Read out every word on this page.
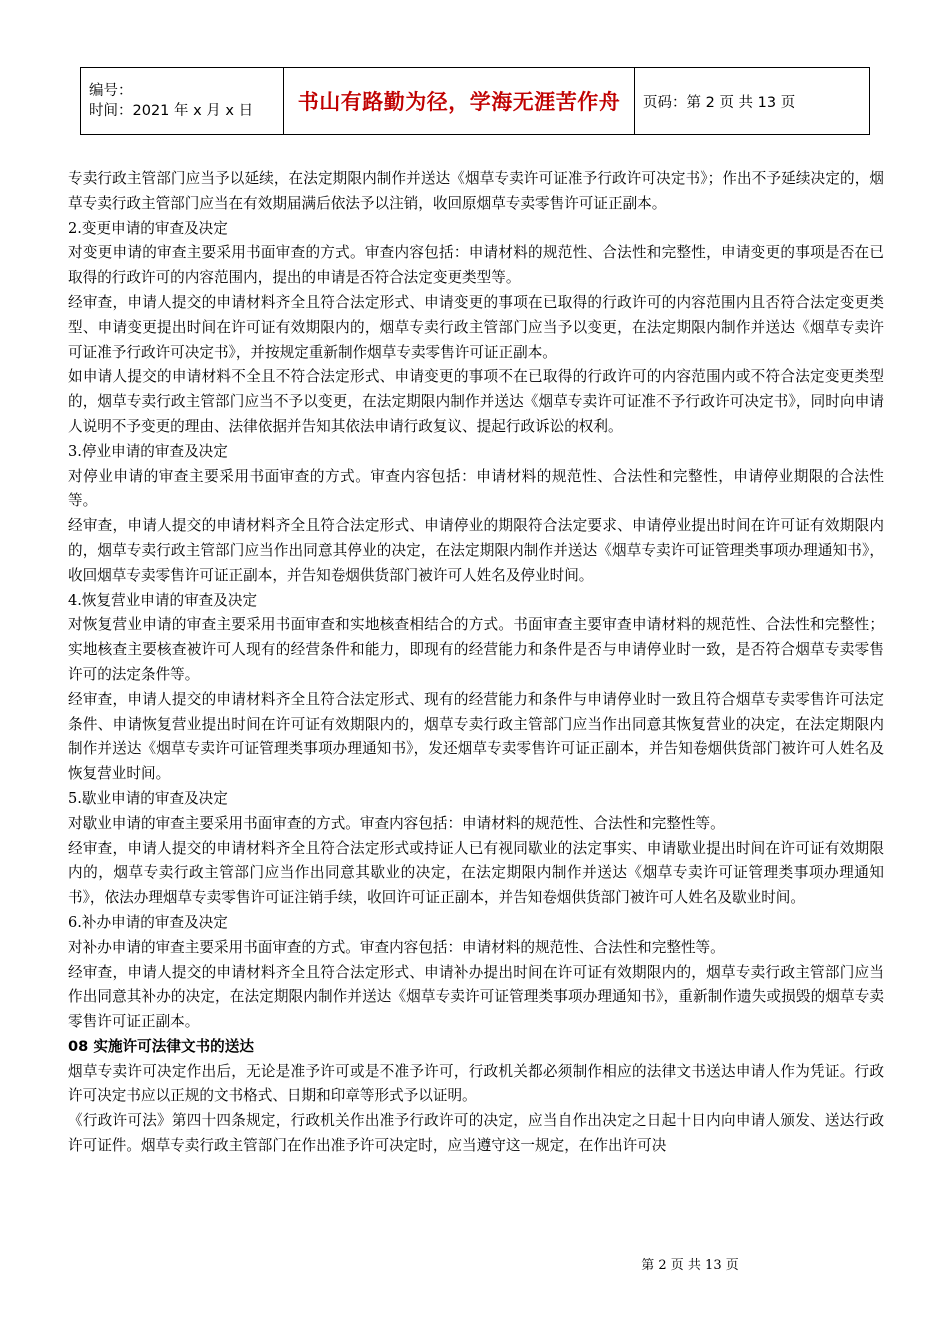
编号：
时间：2021 年 x 月 x 日	书山有路勤为径，学海无涯苦作舟	页码：第 2 页 共 13 页

专卖行政主管部门应当予以延续，在法定期限内制作并送达《烟草专卖许可证准予行政许可决定书》；作出不予延续决定的，烟草专卖行政主管部门应当在有效期届满后依法予以注销，收回原烟草专卖零售许可证正副本。

2.变更申请的审查及决定

对变更申请的审查主要采用书面审查的方式。审查内容包括：申请材料的规范性、合法性和完整性，申请变更的事项是否在已取得的行政许可的内容范围内，提出的申请是否符合法定变更类型等。

经审查，申请人提交的申请材料齐全且符合法定形式、申请变更的事项在已取得的行政许可的内容范围内且否符合法定变更类型、申请变更提出时间在许可证有效期限内的，烟草专卖行政主管部门应当予以变更，在法定期限内制作并送达《烟草专卖许可证准予行政许可决定书》，并按规定重新制作烟草专卖零售许可证正副本。

如申请人提交的申请材料不全且不符合法定形式、申请变更的事项不在已取得的行政许可的内容范围内或不符合法定变更类型的，烟草专卖行政主管部门应当不予以变更，在法定期限内制作并送达《烟草专卖许可证准不予行政许可决定书》，同时向申请人说明不予变更的理由、法律依据并告知其依法申请行政复议、提起行政诉讼的权利。

3.停业申请的审查及决定

对停业申请的审查主要采用书面审查的方式。审查内容包括：申请材料的规范性、合法性和完整性，申请停业期限的合法性等。

经审查，申请人提交的申请材料齐全且符合法定形式、申请停业的期限符合法定要求、申请停业提出时间在许可证有效期限内的，烟草专卖行政主管部门应当作出同意其停业的决定，在法定期限内制作并送达《烟草专卖许可证管理类事项办理通知书》，收回烟草专卖零售许可证正副本，并告知卷烟供货部门被许可人姓名及停业时间。

4.恢复营业申请的审查及决定

对恢复营业申请的审查主要采用书面审查和实地核查相结合的方式。书面审查主要审查申请材料的规范性、合法性和完整性；实地核查主要核查被许可人现有的经营条件和能力，即现有的经营能力和条件是否与申请停业时一致，是否符合烟草专卖零售许可的法定条件等。

经审查，申请人提交的申请材料齐全且符合法定形式、现有的经营能力和条件与申请停业时一致且符合烟草专卖零售许可法定条件、申请恢复营业提出时间在许可证有效期限内的，烟草专卖行政主管部门应当作出同意其恢复营业的决定，在法定期限内制作并送达《烟草专卖许可证管理类事项办理通知书》，发还烟草专卖零售许可证正副本，并告知卷烟供货部门被许可人姓名及恢复营业时间。

5.歇业申请的审查及决定

对歇业申请的审查主要采用书面审查的方式。审查内容包括：申请材料的规范性、合法性和完整性等。

经审查，申请人提交的申请材料齐全且符合法定形式或持证人已有视同歇业的法定事实、申请歇业提出时间在许可证有效期限内的，烟草专卖行政主管部门应当作出同意其歇业的决定，在法定期限内制作并送达《烟草专卖许可证管理类事项办理通知书》，依法办理烟草专卖零售许可证注销手续，收回许可证正副本，并告知卷烟供货部门被许可人姓名及歇业时间。

6.补办申请的审查及决定

对补办申请的审查主要采用书面审查的方式。审查内容包括：申请材料的规范性、合法性和完整性等。

经审查，申请人提交的申请材料齐全且符合法定形式、申请补办提出时间在许可证有效期限内的，烟草专卖行政主管部门应当作出同意其补办的决定，在法定期限内制作并送达《烟草专卖许可证管理类事项办理通知书》，重新制作遗失或损毁的烟草专卖零售许可证正副本。

08 实施许可法律文书的送达

烟草专卖许可决定作出后，无论是准予许可或是不准予许可，行政机关都必须制作相应的法律文书送达申请人作为凭证。行政许可决定书应以正规的文书格式、日期和印章等形式予以证明。

《行政许可法》第四十四条规定，行政机关作出准予行政许可的决定，应当自作出决定之日起十日内向申请人颁发、送达行政许可证件。烟草专卖行政主管部门在作出准予许可决定时，应当遵守这一规定，在作出许可决

第 2 页 共 13 页
